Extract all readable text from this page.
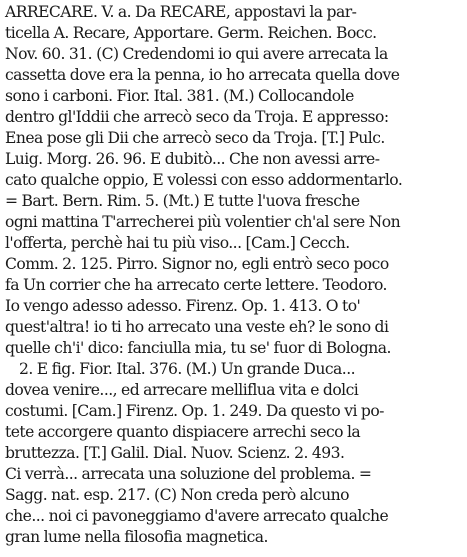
ARRECARE. V. a. Da RECARE, appostavi la par-
ticella A. Recare, Apportare. Germ. Reichen. Bocc.
Nov. 60. 31. (C) Credendomi io qui avere arrecata la
cassetta dove era la penna, io ho arrecata quella dove
sono i carboni. Fior. Ital. 381. (M.) Collocandole
dentro gl'Iddii che arrecò seco da Troja. E appresso:
Enea pose gli Dii che arrecò seco da Troja. [T.] Pulc.
Luig. Morg. 26. 96. E dubitò... Che non avessi arre-
cato qualche oppio, E volessi con esso addormentarlo.
= Bart. Bern. Rim. 5. (Mt.) E tutte l'uova fresche
ogni mattina T'arrecherei più volentier ch'al sere Non
l'offerta, perchè hai tu più viso... [Cam.] Cecch.
Comm. 2. 125. Pirro. Signor no, egli entrò seco poco
fa Un corrier che ha arrecato certe lettere. Teodoro.
Io vengo adesso adesso. Firenz. Op. 1. 413. O to'
quest'altra! io ti ho arrecato una veste eh? le sono di
quelle ch'i' dico: fanciulla mia, tu se' fuor di Bologna.
2. E fig. Fior. Ital. 376. (M.) Un grande Duca...
dovea venire..., ed arrecare melliflua vita e dolci
costumi. [Cam.] Firenz. Op. 1. 249. Da questo vi po-
tete accorgere quanto dispiacere arrechi seco la
bruttezza. [T.] Galil. Dial. Nuov. Scienz. 2. 493.
Ci verrà... arrecata una soluzione del problema. =
Sagg. nat. esp. 217. (C) Non creda però alcuno
che... noi ci pavoneggiamo d'avere arrecato qualche
gran lume nella filosofia magnetica.
